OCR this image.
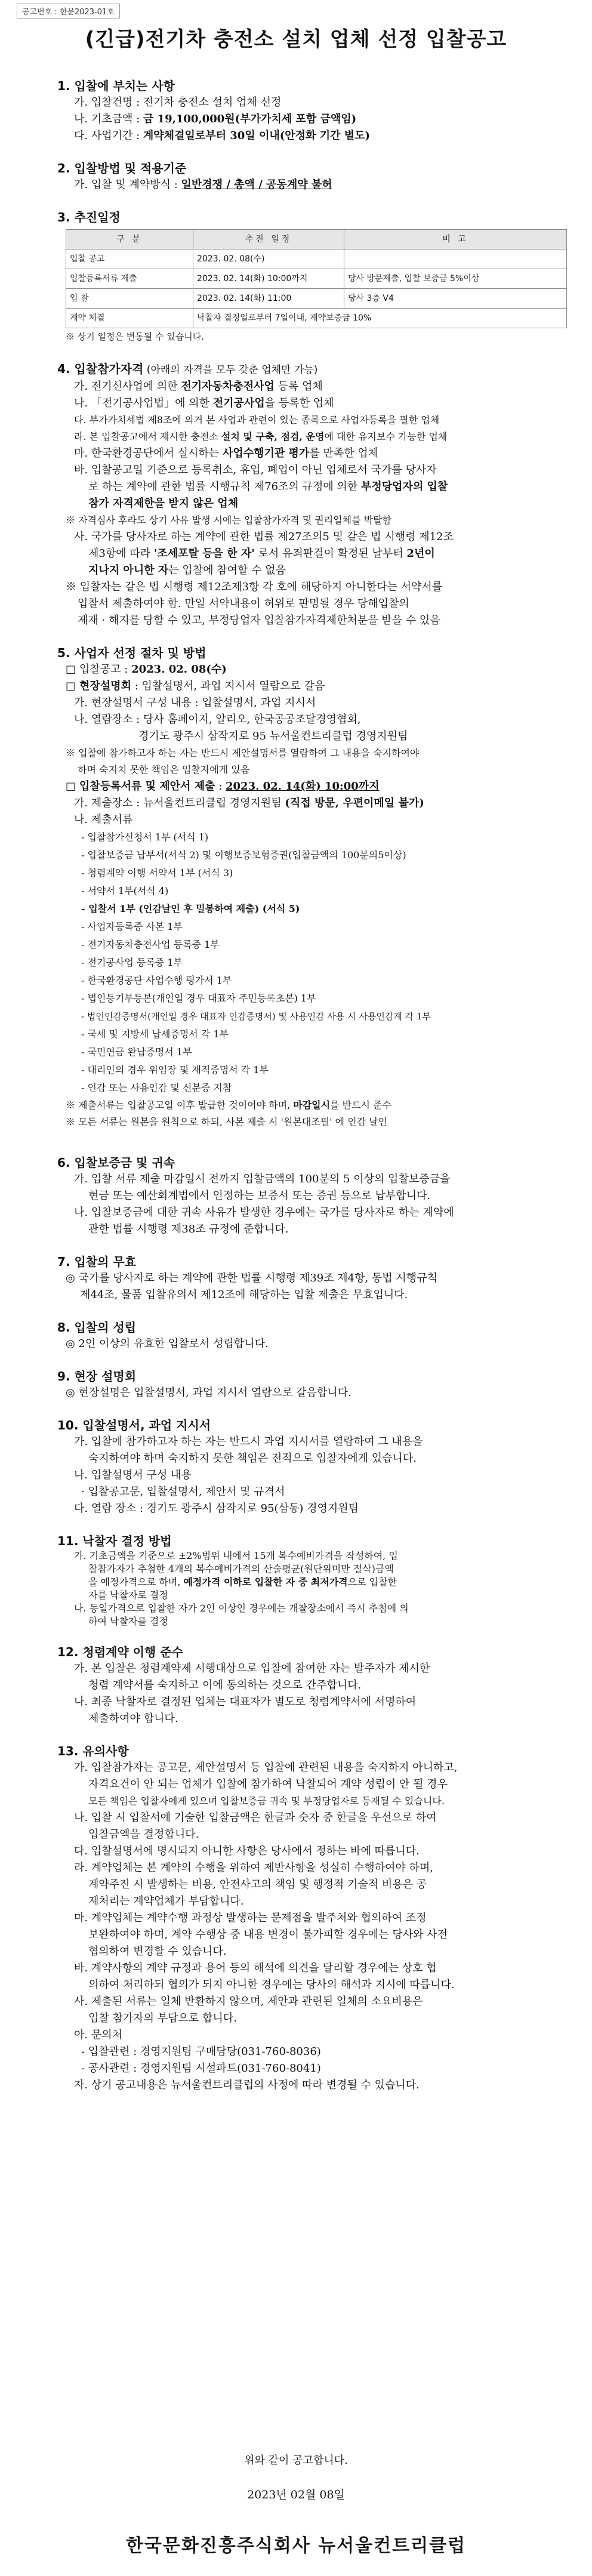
공고번호 : 한문2023-01호
(긴급)전기차 충전소 설치 업체 선정 입찰공고
1. 입찰에 부치는 사항
가. 입찰건명 : 전기차 충전소 설치 업체 선정
나. 기초금액 : 금 19,100,000원(부가가치세 포함 금액임)
다. 사업기간 : 계약체결일로부터 30일 이내(안정화 기간 별도)
2. 입찰방법 및 적용기준
가. 입찰 및 계약방식 : 일반경쟁 / 총액 / 공동계약 불허
3. 추진일정
구 분	추진 일정	비 고
입찰 공고	2023. 02. 08(수)	
입찰등록서류 제출	2023. 02. 14(화) 10:00까지	당사 방문제출, 입찰 보증금 5%이상
입 찰	2023. 02. 14(화) 11:00	당사 3층 V4
계약 체결	낙찰자 결정일로부터 7일이내, 계약보증금 10%	
※ 상기 일정은 변동될 수 있습니다.
4. 입찰참가자격 (아래의 자격을 모두 갖춘 업체만 가능)
가. 전기신사업에 의한 전기자동차충전사업 등록 업체
나. 「전기공사업법」에 의한 전기공사업을 등록한 업체
다. 부가가치세법 제8조에 의거 본 사업과 관련이 있는 종목으로 사업자등록을 필한 업체
라. 본 입찰공고에서 제시한 충전소 설치 및 구축, 점검, 운영에 대한 유지보수 가능한 업체
마. 한국환경공단에서 실시하는 사업수행기관 평가를 만족한 업체
바. 입찰공고일 기준으로 등록취소, 휴업, 폐업이 아닌 업체로서 국가를 당사자
로 하는 계약에 관한 법률 시행규칙 제76조의 규정에 의한 부정당업자의 입찰
참가 자격제한을 받지 않은 업체
※ 자격심사 후라도 상기 사유 발생 시에는 입찰참가자격 및 권리일체를 박탈함
사. 국가를 당사자로 하는 계약에 관한 법률 제27조의5 및 같은 법 시행령 제12조
제3항에 따라 '조세포탈 등을 한 자' 로서 유죄판결이 확정된 날부터 2년이
지나지 아니한 자는 입찰에 참여할 수 없음
※ 입찰자는 같은 법 시행령 제12조제3항 각 호에 해당하지 아니한다는 서약서를
입찰서 제출하여야 함. 만일 서약내용이 허위로 판명될 경우 당해입찰의
제재 · 해지를 당할 수 있고, 부정당업자 입찰참가자격제한처분을 받을 수 있음
5. 사업자 선정 절차 및 방법
□ 입찰공고 : 2023. 02. 08(수)
□ 현장설명회 : 입찰설명서, 과업 지시서 열람으로 갈음
가. 현장설명서 구성 내용 : 입찰설명서, 과업 지시서
나. 열람장소 : 당사 홈페이지, 알리오, 한국공공조달경영협회,
경기도 광주시 삼작지로 95 뉴서울컨트리클럽 경영지원팀
※ 입찰에 참가하고자 하는 자는 반드시 제안설명서를 열람하여 그 내용을 숙지하여야
하며 숙지치 못한 책임은 입찰자에게 있음
□ 입찰등록서류 및 제안서 제출 : 2023. 02. 14(화) 10:00까지
가. 제출장소 : 뉴서울컨트리클럽 경영지원팀 (직접 방문, 우편이메일 불가)
나. 제출서류
- 입찰참가신청서 1부 (서식 1)
- 입찰보증금 납부서(서식 2) 및 이행보증보험증권(입찰금액의 100분의5이상)
- 청렴계약 이행 서약서 1부 (서식 3)
- 서약서 1부(서식 4)
- 입찰서 1부 (인감날인 후 밀봉하여 제출) (서식 5)
- 사업자등록증 사본 1부
- 전기자동차충전사업 등록증 1부
- 전기공사업 등록증 1부
- 한국환경공단 사업수행 평가서 1부
- 법인등기부등본(개인일 경우 대표자 주민등록초본) 1부
- 법인인감증명서(개인일 경우 대표자 인감증명서) 및 사용인감 사용 시 사용인감계 각 1부
- 국세 및 지방세 납세증명서 각 1부
- 국민연금 완납증명서 1부
- 대리인의 경우 위임장 및 재직증명서 각 1부
- 인감 또는 사용인감 및 신분증 지참
※ 제출서류는 입찰공고일 이후 발급한 것이어야 하며, 마감일시를 반드시 준수
※ 모든 서류는 원본을 원칙으로 하되, 사본 제출 시 '원본대조필' 에 인감 날인
6. 입찰보증금 및 귀속
가. 입찰 서류 제출 마감일시 전까지 입찰금액의 100분의 5 이상의 입찰보증금을
현금 또는 예산회계법에서 인정하는 보증서 또는 증권 등으로 납부합니다.
나. 입찰보증금에 대한 귀속 사유가 발생한 경우에는 국가를 당사자로 하는 계약에
관한 법률 시행령 제38조 규정에 준합니다.
7. 입찰의 무효
◎ 국가를 당사자로 하는 계약에 관한 법률 시행령 제39조 제4항, 동법 시행규칙
제44조, 물품 입찰유의서 제12조에 해당하는 입찰 제출은 무효입니다.
8. 입찰의 성립
◎ 2인 이상의 유효한 입찰로서 성립합니다.
9. 현장 설명회
◎ 현장설명은 입찰설명서, 과업 지시서 열람으로 갈음합니다.
10. 입찰설명서, 과업 지시서
가. 입찰에 참가하고자 하는 자는 반드시 과업 지시서를 열람하여 그 내용을
숙지하여야 하며 숙지하지 못한 책임은 전적으로 입찰자에게 있습니다.
나. 입찰설명서 구성 내용
· 입찰공고문, 입찰설명서, 제안서 및 규격서
다. 열람 장소 : 경기도 광주시 삼작지로 95(삼동) 경영지원팀
11. 낙찰자 결정 방법
가. 기초금액을 기준으로 ±2%범위 내에서 15개 복수예비가격을 작성하여, 입
찰참가자가 추첨한 4개의 복수예비가격의 산술평균(원단위미만 절삭)금액
을 예정가격으로 하며, 예정가격 이하로 입찰한 자 중 최저가격으로 입찰한
자를 낙찰자로 결정
나. 동일가격으로 입찰한 자가 2인 이상인 경우에는 개찰장소에서 즉시 추첨에 의
하여 낙찰자를 결정
12. 청렴계약 이행 준수
가. 본 입찰은 청렴계약제 시행대상으로 입찰에 참여한 자는 발주자가 제시한
청렴 계약서를 숙지하고 이에 동의하는 것으로 간주합니다.
나. 최종 낙찰자로 결정된 업체는 대표자가 별도로 청렴계약서에 서명하여
제출하여야 합니다.
13. 유의사항
가. 입찰참가자는 공고문, 제안설명서 등 입찰에 관련된 내용을 숙지하지 아니하고,
자격요건이 안 되는 업체가 입찰에 참가하여 낙찰되어 계약 성립이 안 될 경우
모든 책임은 입찰자에게 있으며 입찰보증금 귀속 및 부정당업자로 등재될 수 있습니다.
나. 입찰 시 입찰서에 기술한 입찰금액은 한글과 숫자 중 한글을 우선으로 하여
입찰금액을 결정합니다.
다. 입찰설명서에 명시되지 아니한 사항은 당사에서 정하는 바에 따릅니다.
라. 계약업체는 본 계약의 수행을 위하여 제반사항을 성실히 수행하여야 하며,
계약주진 시 발생하는 비용, 안전사고의 책임 및 행정적 기술적 비용은 공
제처리는 계약업체가 부담합니다.
마. 계약업체는 계약수행 과정상 발생하는 문제점을 발주처와 협의하여 조정
보완하여야 하며, 계약 수행상 중 내용 변경이 불가피할 경우에는 당사와 사전
협의하여 변경할 수 있습니다.
바. 계약사항의 계약 규정과 용어 등의 해석에 의견을 달리할 경우에는 상호 협
의하여 처리하되 협의가 되지 아니한 경우에는 당사의 해석과 지시에 따릅니다.
사. 제출된 서류는 일체 반환하지 않으며, 제안과 관련된 일체의 소요비용은
입찰 참가자의 부담으로 합니다.
아. 문의처
- 입찰관련 : 경영지원팀 구매담당(031-760-8036)
- 공사관련 : 경영지원팀 시설파트(031-760-8041)
자. 상기 공고내용은 뉴서울컨트리클럽의 사정에 따라 변경될 수 있습니다.
위와 같이 공고합니다.
2023년 02월 08일
한국문화진흥주식회사 뉴서울컨트리클럽
